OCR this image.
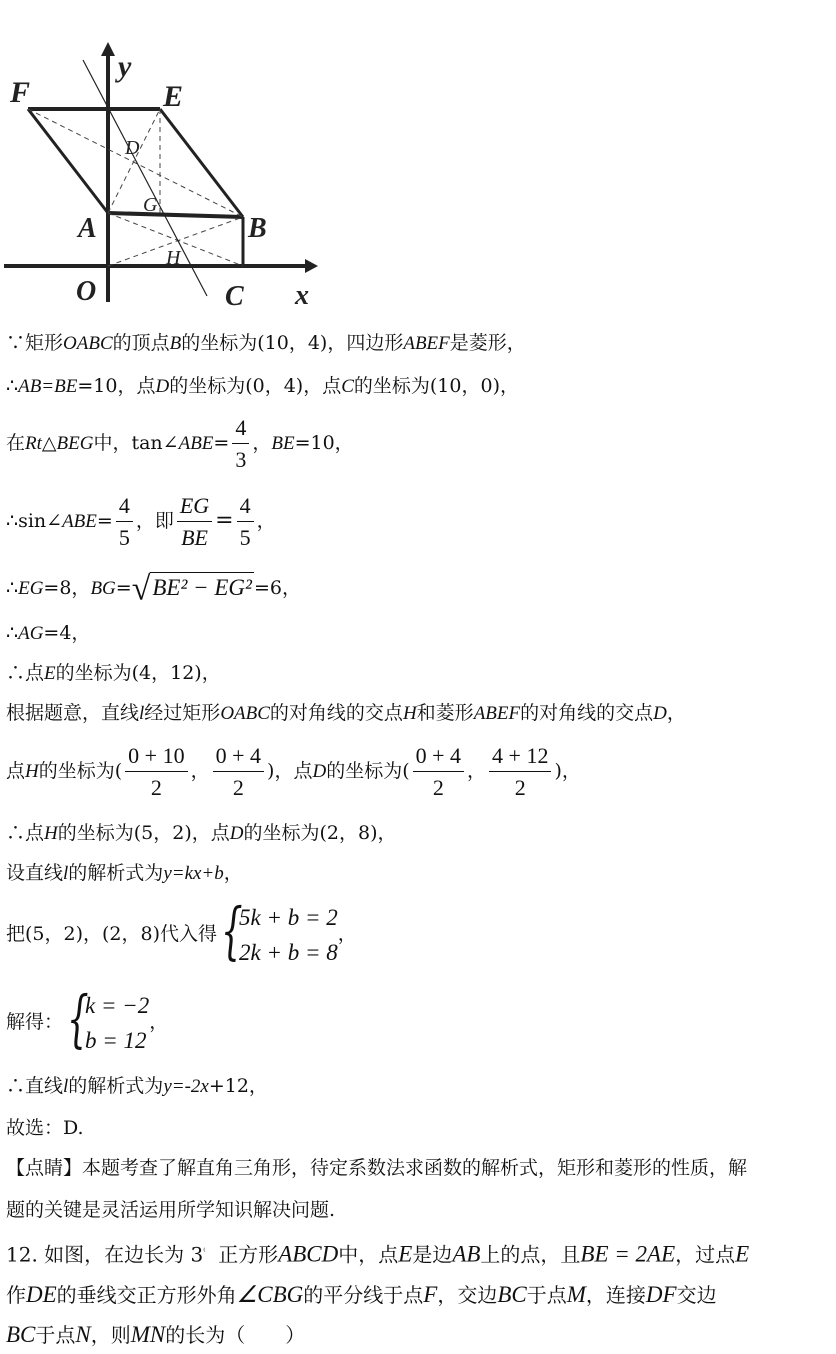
y
F	E
D
G
A	B
H
O	C x
∵矩形OABC的顶点B的坐标为(10，4)，四边形ABEF是菱形，
∴AB=BE=10，点D的坐标为(0，4)，点C的坐标为(10，0)，
在Rt△BEG中，tan∠ABE= $\frac{4}{3}$ ，BE=10，
∴sin∠ABE= $\frac{4}{5}$ ，即 $\frac{EG}{BE} = \frac{4}{5}$ ，
∴EG=8，BG=√BE² − EG² =6，
∴AG=4，
∴点E的坐标为(4，12)，
根据题意，直线l经过矩形OABC的对角线的交点H和菱形ABEF的对角线的交点D，
点H的坐标为( $\frac{0 + 10}{2}$ ， $\frac{0 + 4}{2}$ )，点D的坐标为( $\frac{0 + 4}{2}$ ， $\frac{4 + 12}{2}$ )，
∴点H的坐标为(5，2)，点D的坐标为(2，8)，
设直线l的解析式为y=kx+b，
把(5，2)，(2，8)代入得 {
5k + b = 2
2k + b = 8
，
解得： {
k = −2
b = 12
，
∴直线l的解析式为y=-2x+12，
故选：D.
【点睛】本题考查了解直角三角形，待定系数法求函数的解析式，矩形和菱形的性质，解
题的关键是灵活运用所学知识解决问题.
12. 如图，在边长为 3⁽ 正方形ABCD中，点E是边AB上的点，且BE = 2AE，过点E
作DE的垂线交正方形外角∠CBG的平分线于点F，交边BC于点M，连接DF交边
BC于点N，则MN的长为（　　）
